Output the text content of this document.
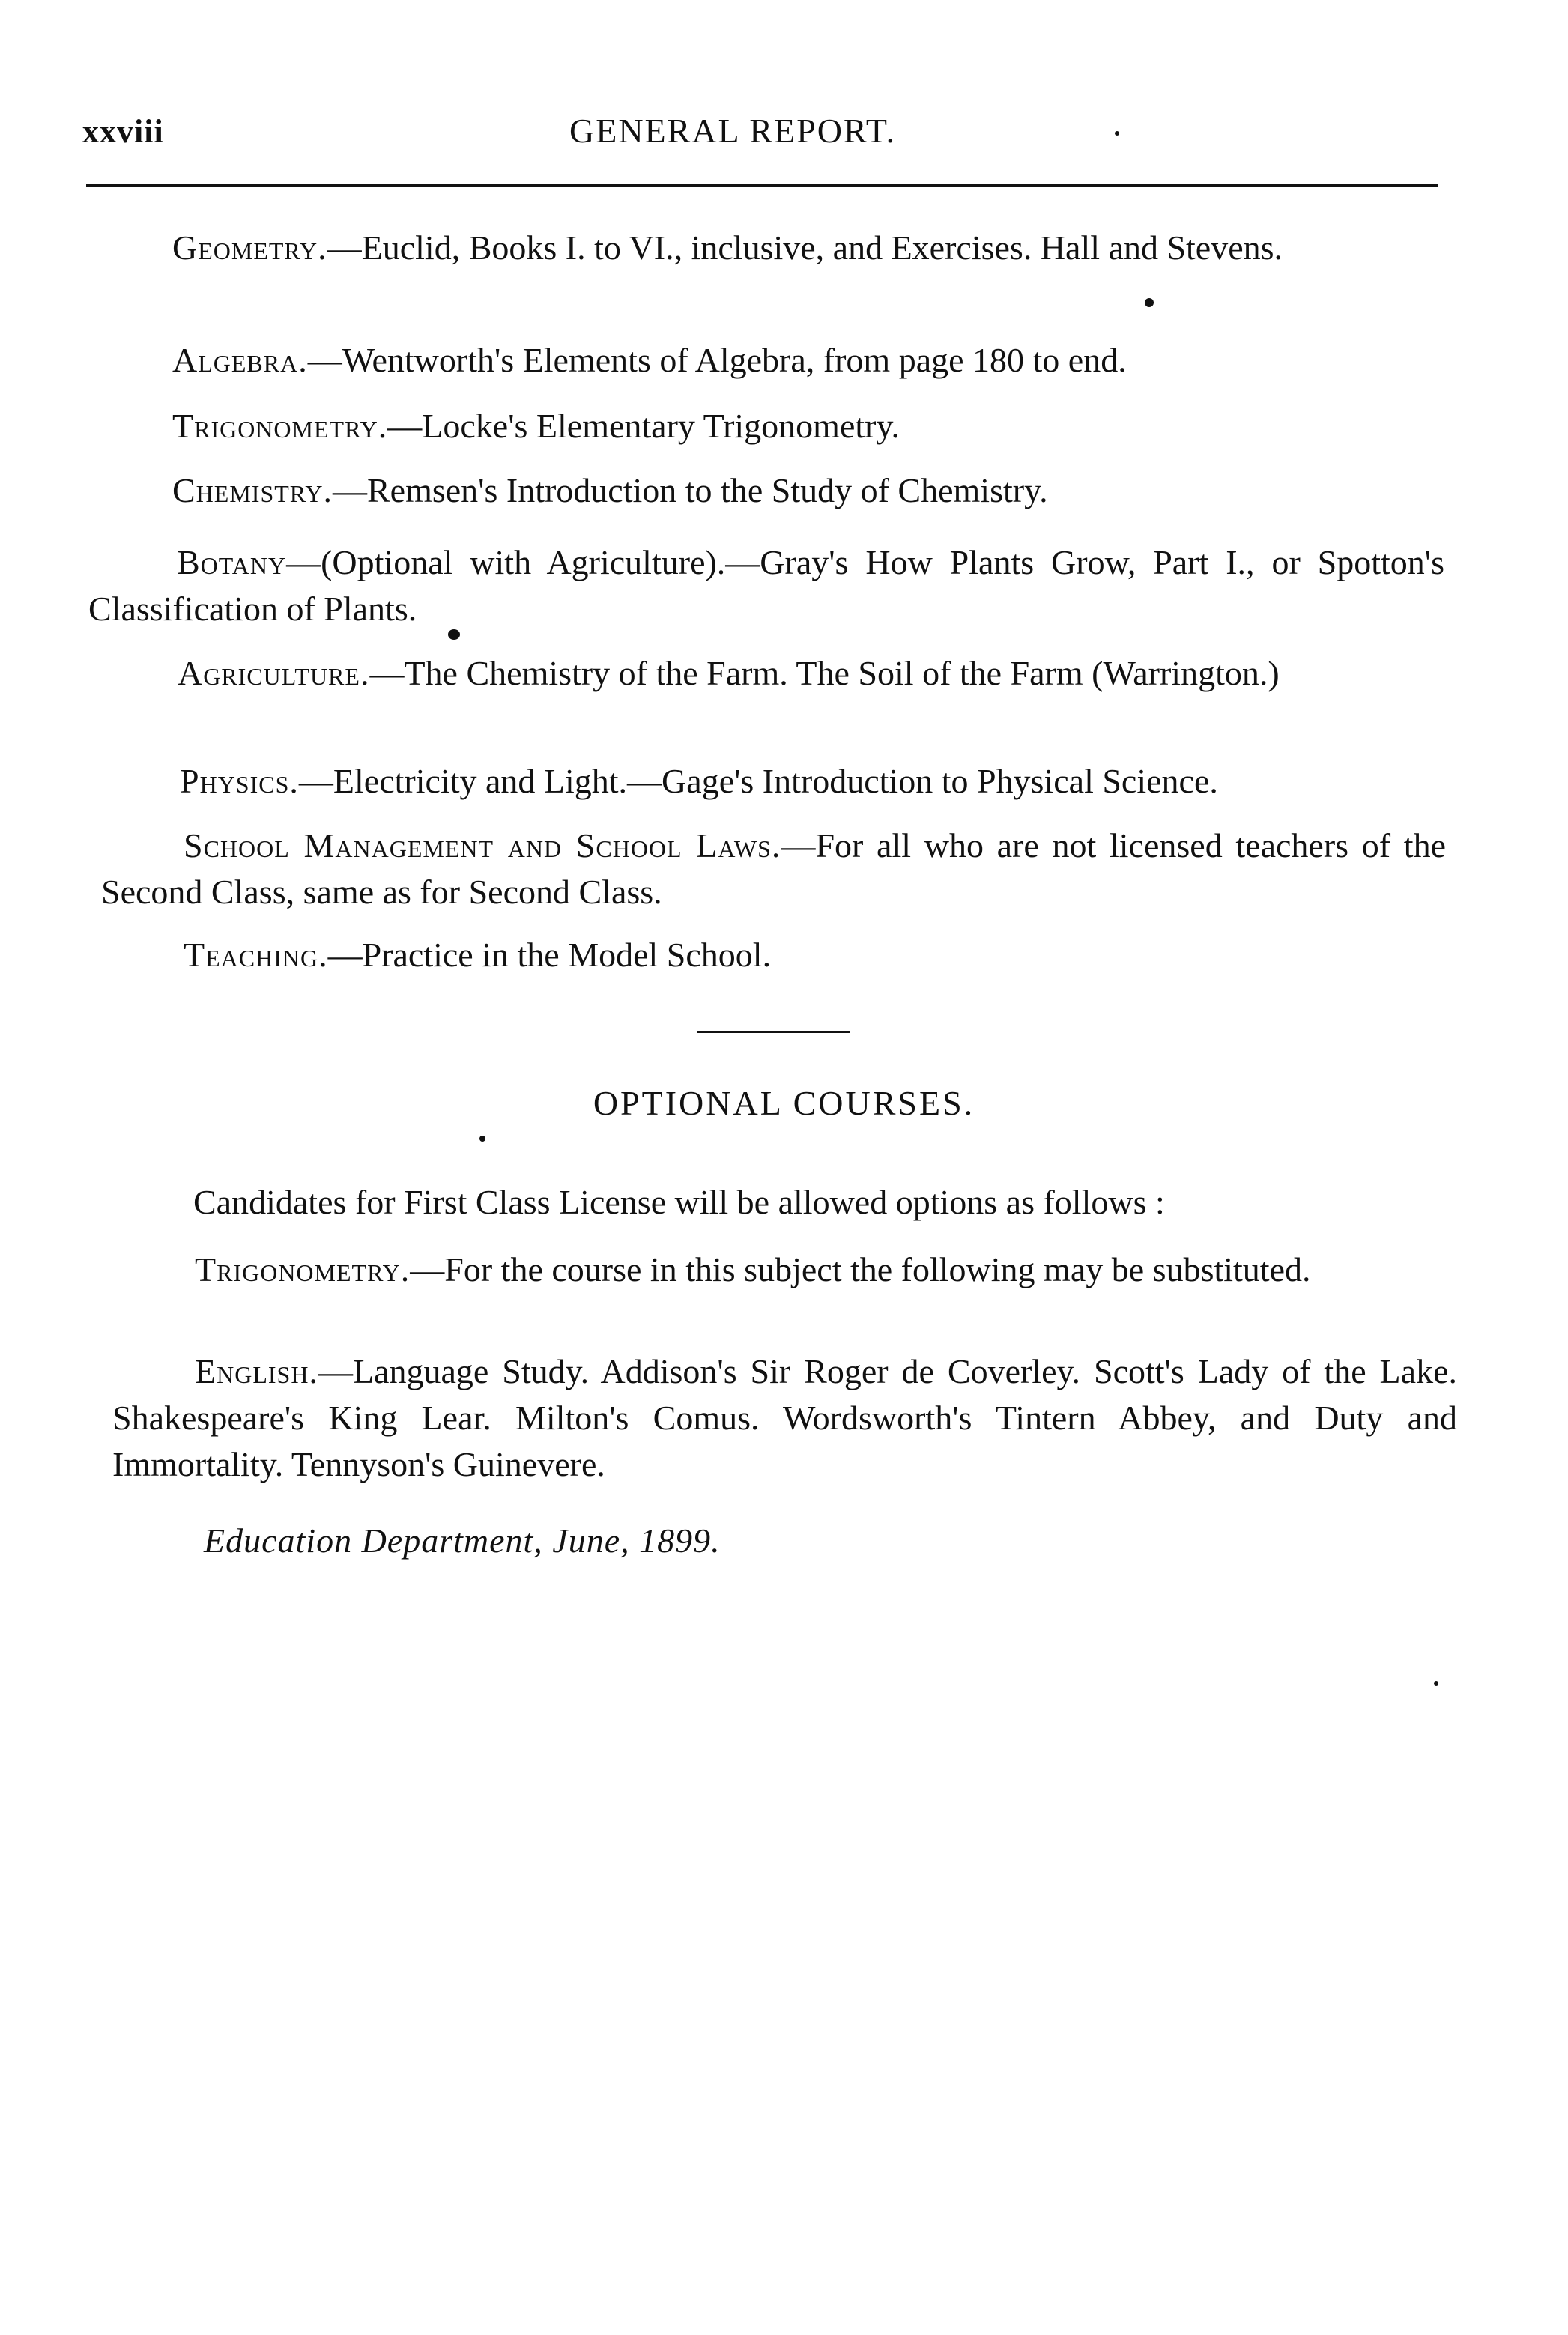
xxviii	GENERAL REPORT.

Geometry.—Euclid, Books I. to VI., inclusive, and Exercises. Hall and Stevens.

Algebra.—Wentworth's Elements of Algebra, from page 180 to end.

Trigonometry.—Locke's Elementary Trigonometry.

Chemistry.—Remsen's Introduction to the Study of Chemistry.

Botany—(Optional with Agriculture).—Gray's How Plants Grow, Part I., or Spotton's Classification of Plants.

Agriculture.—The Chemistry of the Farm. The Soil of the Farm (Warrington.)

Physics.—Electricity and Light.—Gage's Introduction to Physical Science.

School Management and School Laws.—For all who are not licensed teachers of the Second Class, same as for Second Class.

Teaching.—Practice in the Model School.

OPTIONAL COURSES.

Candidates for First Class License will be allowed options as follows :

Trigonometry.—For the course in this subject the following may be substituted.

English.—Language Study. Addison's Sir Roger de Coverley. Scott's Lady of the Lake. Shakespeare's King Lear. Milton's Comus. Wordsworth's Tintern Abbey, and Duty and Immortality. Tennyson's Guinevere.

Education Department, June, 1899.
